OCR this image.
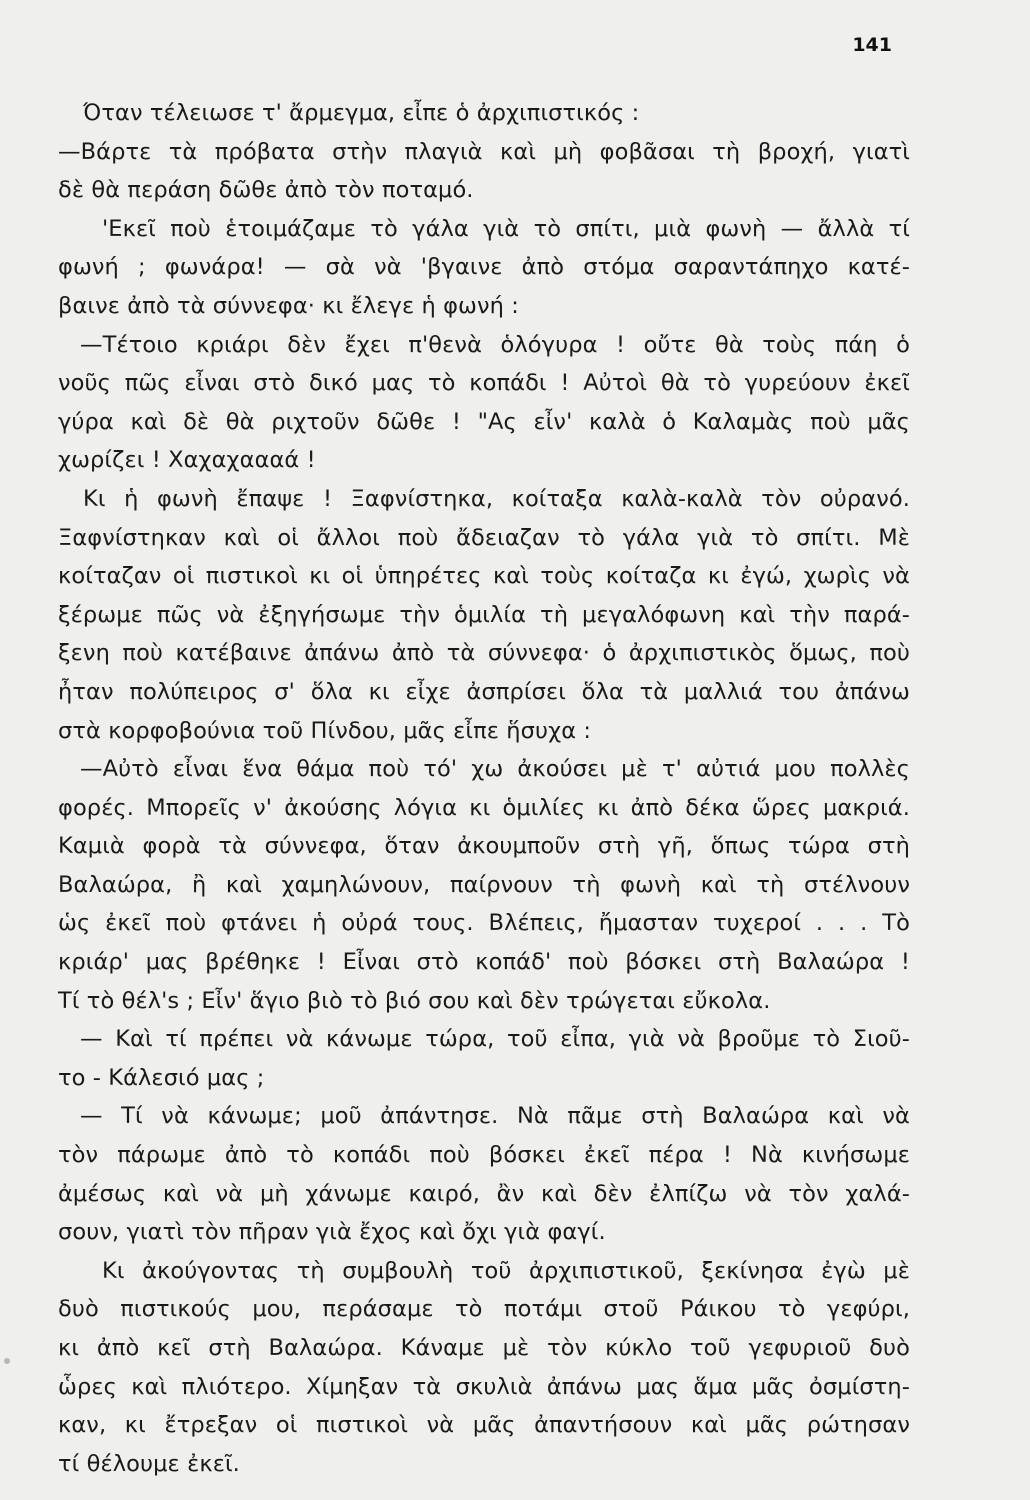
141
Όταν τέλειωσε τ' ἄρμεγμα, εἶπε ὁ ἀρχιπιστικός :
—Βάρτε τὰ πρόβατα στὴν πλαγιὰ καὶ μὴ φοβᾶσαι τὴ βροχή, γιατὶ
δὲ θὰ περάση δῶθε ἀπὸ τὸν ποταμό.
'Εκεῖ ποὺ ἑτοιμάζαμε τὸ γάλα γιὰ τὸ σπίτι, μιὰ φωνὴ — ἄλλὰ τί
φωνή ; φωνάρα! — σὰ νὰ 'βγαινε ἀπὸ στόμα σαραντάπηχο κατέ-
βαινε ἀπὸ τὰ σύννεφα· κι ἔλεγε ἡ φωνή :
—Τέτοιο κριάρι δὲν ἔχει π'θενὰ ὁλόγυρα ! οὔτε θὰ τοὺς πάη ὁ
νοῦς πῶς εἶναι στὸ δικό μας τὸ κοπάδι ! Αὐτοὶ θὰ τὸ γυρεύουν ἐκεῖ
γύρα καὶ δὲ θὰ ριχτοῦν δῶθε ! "Ας εἶν' καλὰ ὁ Καλαμὰς ποὺ μᾶς
χωρίζει ! Χαχαχαααά !
Κι ἡ φωνὴ ἔπαψε ! Ξαφνίστηκα, κοίταξα καλὰ-καλὰ τὸν οὐρανό.
Ξαφνίστηκαν καὶ οἱ ἄλλοι ποὺ ἄδειαζαν τὸ γάλα γιὰ τὸ σπίτι. Μὲ
κοίταζαν οἱ πιστικοὶ κι οἱ ὑπηρέτες καὶ τοὺς κοίταζα κι ἐγώ, χωρὶς νὰ
ξέρωμε πῶς νὰ ἐξηγήσωμε τὴν ὁμιλία τὴ μεγαλόφωνη καὶ τὴν παρά-
ξενη ποὺ κατέβαινε ἀπάνω ἀπὸ τὰ σύννεφα· ὁ ἀρχιπιστικὸς ὅμως, ποὺ
ἦταν πολύπειρος σ' ὅλα κι εἶχε ἀσπρίσει ὅλα τὰ μαλλιά του ἀπάνω
στὰ κορφοβούνια τοῦ Πίνδου, μᾶς εἶπε ἥσυχα :
—Αὐτὸ εἶναι ἕνα θάμα ποὺ τό' χω ἀκούσει μὲ τ' αὐτιά μου πολλὲς
φορές. Μπορεῖς ν' ἀκούσης λόγια κι ὁμιλίες κι ἀπὸ δέκα ὥρες μακριά.
Καμιὰ φορὰ τὰ σύννεφα, ὅταν ἀκουμποῦν στὴ γῆ, ὅπως τώρα στὴ
Βαλαώρα, ἢ καὶ χαμηλώνουν, παίρνουν τὴ φωνὴ καὶ τὴ στέλνουν
ὡς ἐκεῖ ποὺ φτάνει ἡ οὐρά τους. Βλέπεις, ἤμασταν τυχεροί . . . Τὸ
κριάρ' μας βρέθηκε ! Εἶναι στὸ κοπάδ' ποὺ βόσκει στὴ Βαλαώρα !
Τί τὸ θέλ's ; Εἶν' ἅγιο βιὸ τὸ βιό σου καὶ δὲν τρώγεται εὔκολα.
— Καὶ τί πρέπει νὰ κάνωμε τώρα, τοῦ εἶπα, γιὰ νὰ βροῦμε τὸ Σιοῦ-
το - Κάλεσιό μας ;
— Τί νὰ κάνωμε; μοῦ ἀπάντησε. Νὰ πᾶμε στὴ Βαλαώρα καὶ νὰ
τὸν πάρωμε ἀπὸ τὸ κοπάδι ποὺ βόσκει ἐκεῖ πέρα ! Νὰ κινήσωμε
ἀμέσως καὶ νὰ μὴ χάνωμε καιρό, ἂν καὶ δὲν ἐλπίζω νὰ τὸν χαλά-
σουν, γιατὶ τὸν πῆραν γιὰ ἔχος καὶ ὄχι γιὰ φαγί.
Κι ἀκούγοντας τὴ συμβουλὴ τοῦ ἀρχιπιστικοῦ, ξεκίνησα ἐγὼ μὲ
δυὸ πιστικούς μου, περάσαμε τὸ ποτάμι στοῦ Ράικου τὸ γεφύρι,
κι ἀπὸ κεῖ στὴ Βαλαώρα. Κάναμε μὲ τὸν κύκλο τοῦ γεφυριοῦ δυὸ
ὧρες καὶ πλιότερο. Χίμηξαν τὰ σκυλιὰ ἀπάνω μας ἅμα μᾶς ὀσμίστη-
καν, κι ἔτρεξαν οἱ πιστικοὶ νὰ μᾶς ἀπαντήσουν καὶ μᾶς ρώτησαν
τί θέλουμε ἐκεῖ.
